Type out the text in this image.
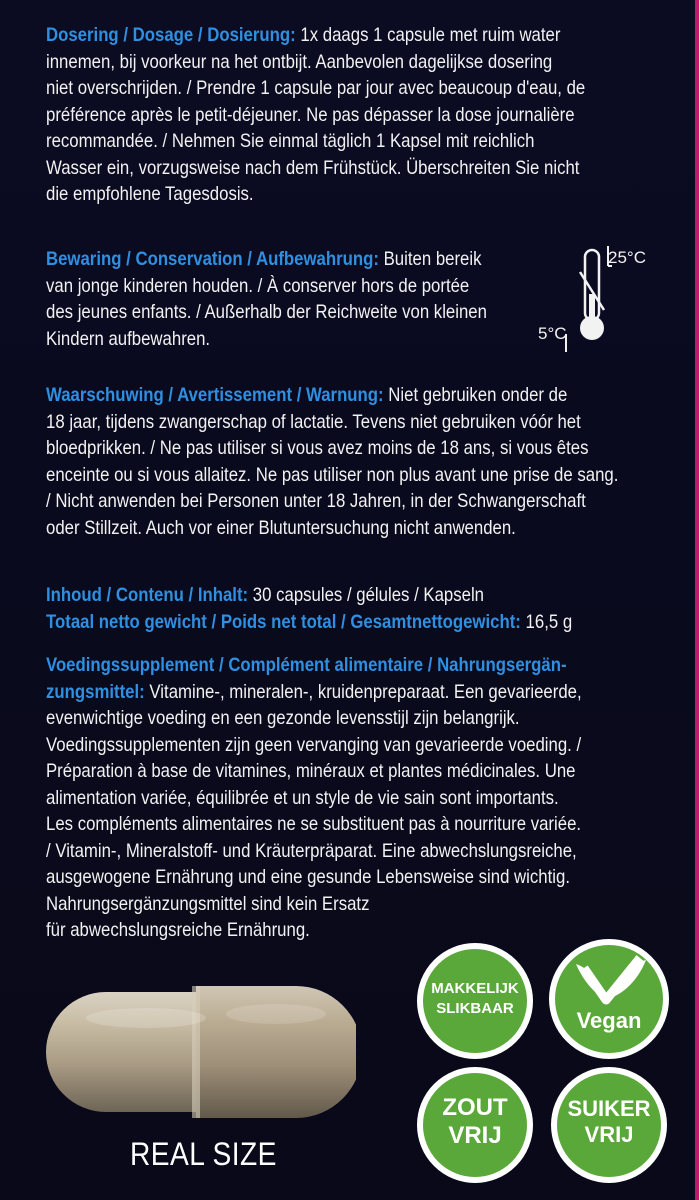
Dosering / Dosage / Dosierung: 1x daags 1 capsule met ruim water

innemen, bij voorkeur na het ontbijt. Aanbevolen dagelijkse dosering

niet overschrijden. / Prendre 1 capsule par jour avec beaucoup d'eau, de

préférence après le petit-déjeuner. Ne pas dépasser la dose journalière

recommandée. / Nehmen Sie einmal täglich 1 Kapsel mit reichlich

Wasser ein, vorzugsweise nach dem Frühstück. Überschreiten Sie nicht

die empfohlene Tagesdosis.

Bewaring / Conservation / Aufbewahrung: Buiten bereik

van jonge kinderen houden. / À conserver hors de portée

des jeunes enfants. / Außerhalb der Reichweite von kleinen

Kindern aufbewahren.

Waarschuwing / Avertissement / Warnung: Niet gebruiken onder de

18 jaar, tijdens zwangerschap of lactatie. Tevens niet gebruiken vóór het

bloedprikken. / Ne pas utiliser si vous avez moins de 18 ans, si vous êtes

enceinte ou si vous allaitez. Ne pas utiliser non plus avant une prise de sang.

/ Nicht anwenden bei Personen unter 18 Jahren, in der Schwangerschaft

oder Stillzeit. Auch vor einer Blutuntersuchung nicht anwenden.

Inhoud / Contenu / Inhalt: 30 capsules / gélules / Kapseln

Totaal netto gewicht / Poids net total / Gesamtnettogewicht: 16,5 g

Voedingssupplement / Complément alimentaire / Nahrungsergän-

zungsmittel: Vitamine-, mineralen-, kruidenpreparaat. Een gevarieerde,

evenwichtige voeding en een gezonde levensstijl zijn belangrijk.

Voedingssupplementen zijn geen vervanging van gevarieerde voeding. /

Préparation à base de vitamines, minéraux et plantes médicinales. Une

alimentation variée, équilibrée et un style de vie sain sont importants.

Les compléments alimentaires ne se substituent pas à nourriture variée.

/ Vitamin-, Mineralstoff- und Kräuterpräparat. Eine abwechslungsreiche,

ausgewogene Ernährung und eine gesunde Lebensweise sind wichtig.

Nahrungsergänzungsmittel sind kein Ersatz

für abwechslungsreiche Ernährung.

25°C
5°C
REAL SIZE
MAKKELIJK
SLIKBAAR	Vegan
ZOUT
VRIJ
SUIKER
VRIJ
